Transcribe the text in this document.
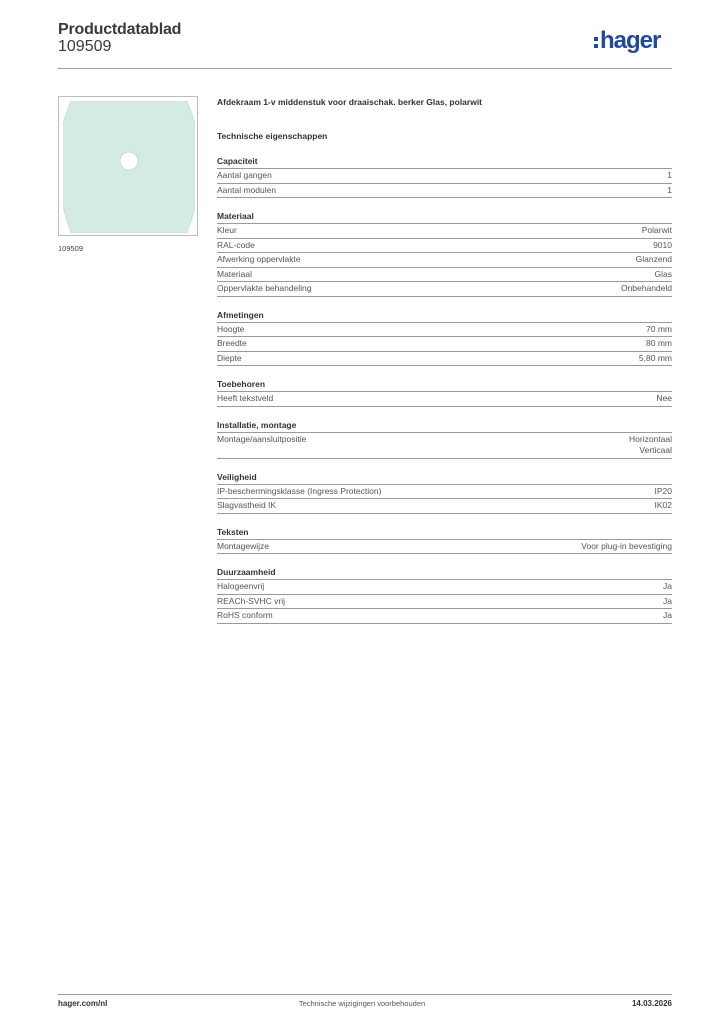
Productdatablad
109509	hager
109509
Afdekraam 1-v middenstuk voor draaischak. berker Glas, polarwit
Technische eigenschappen
Capaciteit
Aantal gangen	1
Aantal modulen	1
Materiaal
Kleur	Polarwit
RAL-code	9010
Afwerking oppervlakte	Glanzend
Materiaal	Glas
Oppervlakte behandeling	Onbehandeld
Afmetingen
Hoogte	70 mm
Breedte	80 mm
Diepte	5,80 mm
Toebehoren
Heeft tekstveld	Nee
Installatie, montage
Montage/aansluitpositie	Horizontaal
Verticaal
Veiligheid
IP-beschermingsklasse (Ingress Protection)	IP20
Slagvastheid IK	IK02
Teksten
Montagewijze	Voor plug-in bevestiging
Duurzaamheid
Halogeenvrij	Ja
REACh-SVHC vrij	Ja
RoHS conform	Ja
hager.com/nl	Technische wijzigingen voorbehouden	14.03.2026
